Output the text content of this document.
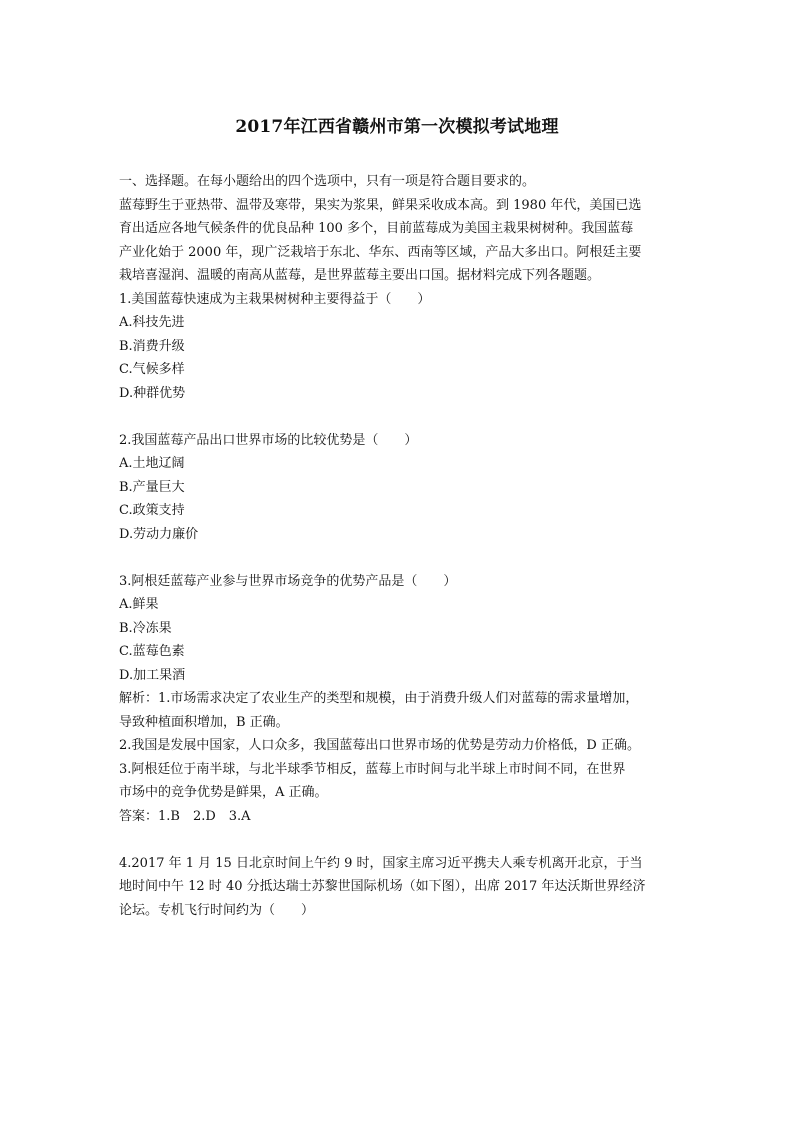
2017年江西省赣州市第一次模拟考试地理
一、选择题。在每小题给出的四个选项中，只有一项是符合题目要求的。
蓝莓野生于亚热带、温带及寒带，果实为浆果，鲜果采收成本高。到 1980 年代，美国已选
育出适应各地气候条件的优良品种 100 多个，目前蓝莓成为美国主栽果树树种。我国蓝莓
产业化始于 2000 年，现广泛栽培于东北、华东、西南等区域，产品大多出口。阿根廷主要
栽培喜湿润、温暖的南高从蓝莓，是世界蓝莓主要出口国。据材料完成下列各题题。
1.美国蓝莓快速成为主栽果树树种主要得益于（　　）
A.科技先进
B.消费升级
C.气候多样
D.种群优势
2.我国蓝莓产品出口世界市场的比较优势是（　　）
A.土地辽阔
B.产量巨大
C.政策支持
D.劳动力廉价
3.阿根廷蓝莓产业参与世界市场竞争的优势产品是（　　）
A.鲜果
B.冷冻果
C.蓝莓色素
D.加工果酒
解析：1.市场需求决定了农业生产的类型和规模，由于消费升级人们对蓝莓的需求量增加，
导致种植面积增加，B 正确。
2.我国是发展中国家，人口众多，我国蓝莓出口世界市场的优势是劳动力价格低，D 正确。
3.阿根廷位于南半球，与北半球季节相反，蓝莓上市时间与北半球上市时间不同，在世界
市场中的竞争优势是鲜果，A 正确。
答案：1.B　2.D　3.A
4.2017 年 1 月 15 日北京时间上午约 9 时，国家主席习近平携夫人乘专机离开北京，于当
地时间中午 12 时 40 分抵达瑞士苏黎世国际机场（如下图），出席 2017 年达沃斯世界经济
论坛。专机飞行时间约为（　　）
